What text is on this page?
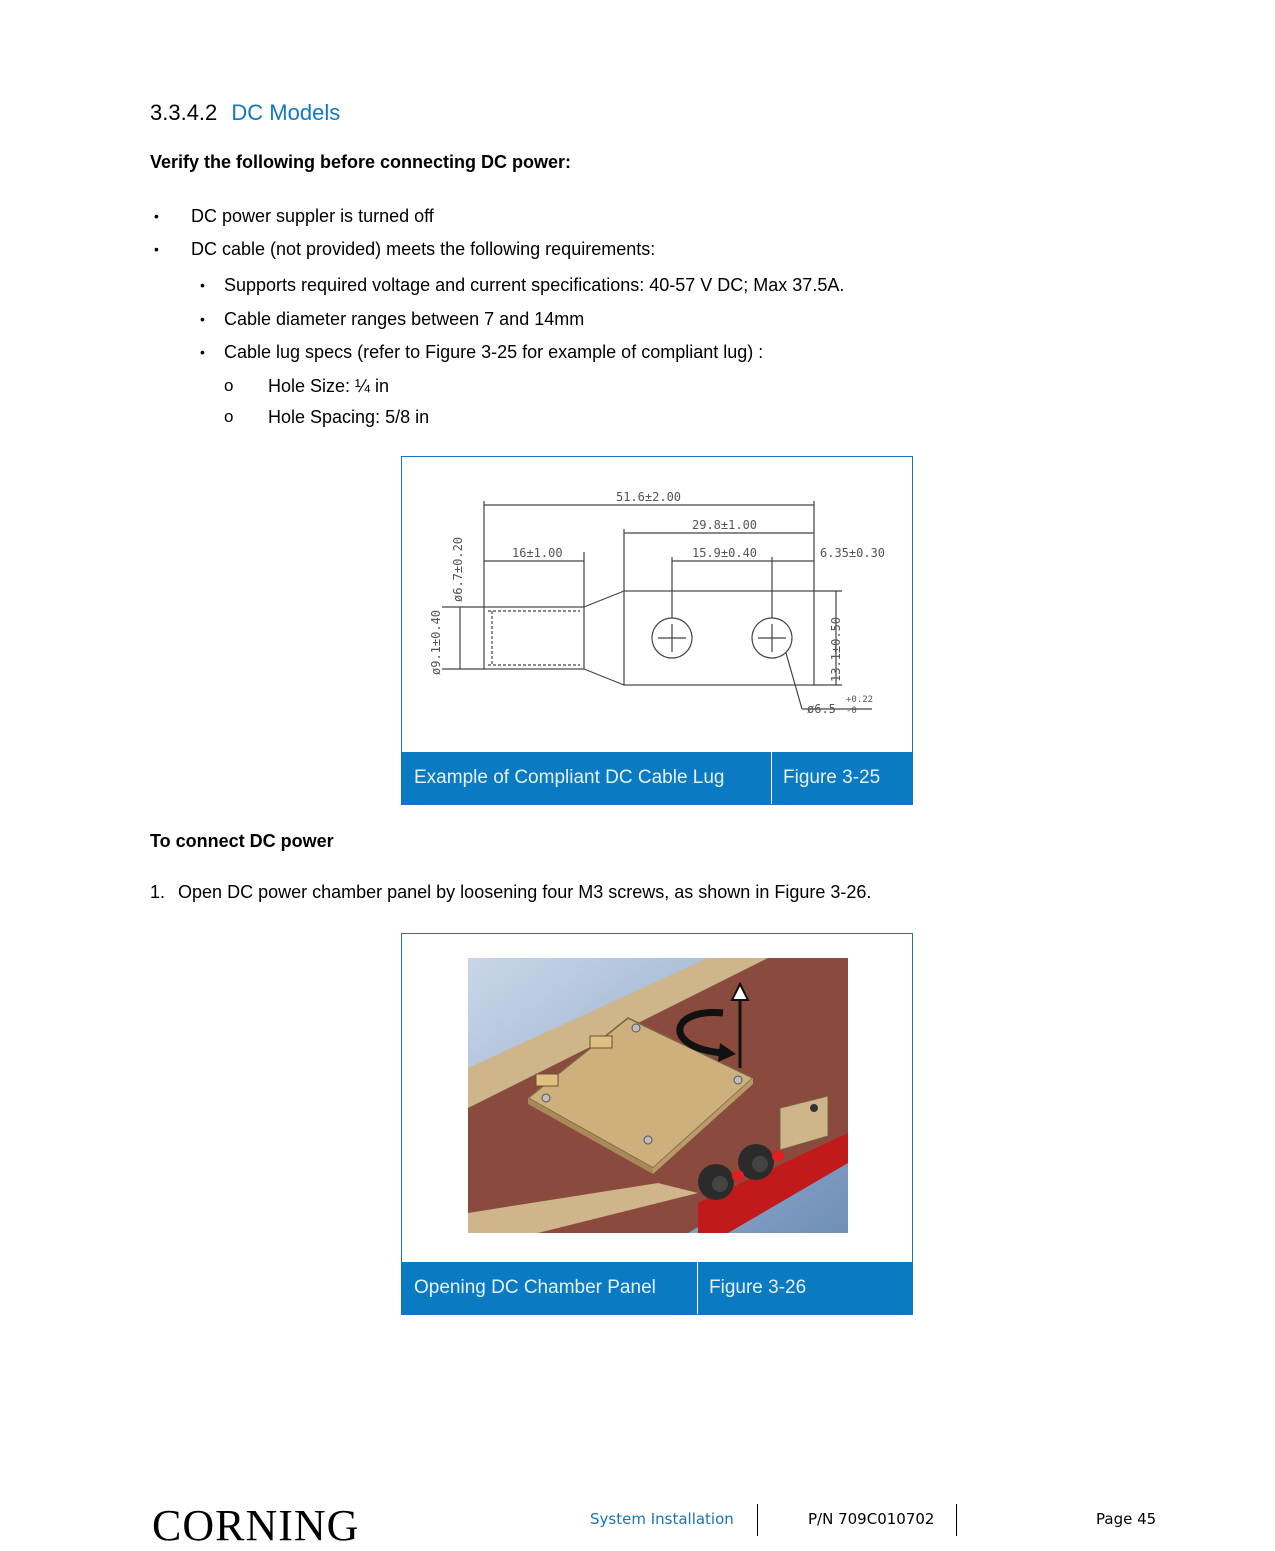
3.3.4.2 DC Models
Verify the following before connecting DC power:
• DC power suppler is turned off
• DC cable (not provided) meets the following requirements:
• Supports required voltage and current specifications: 40-57 V DC; Max 37.5A.
• Cable diameter ranges between 7 and 14mm
• Cable lug specs (refer to Figure 3-25 for example of compliant lug) :
o Hole Size: ¼ in
o Hole Spacing: 5/8 in
51.6±2.00
29.8±1.00
16±1.00	15.9±0.40	6.35±0.30
ø6.5
+0.22
-0
ø6.7±0.20
ø9.1±0.40	13.1±0.50
Example of Compliant DC Cable Lug	Figure 3-25
To connect DC power
1. Open DC power chamber panel by loosening four M3 screws, as shown in Figure 3-26.
Opening DC Chamber Panel	Figure 3-26
CORNING	System Installation	P/N 709C010702	Page 45
